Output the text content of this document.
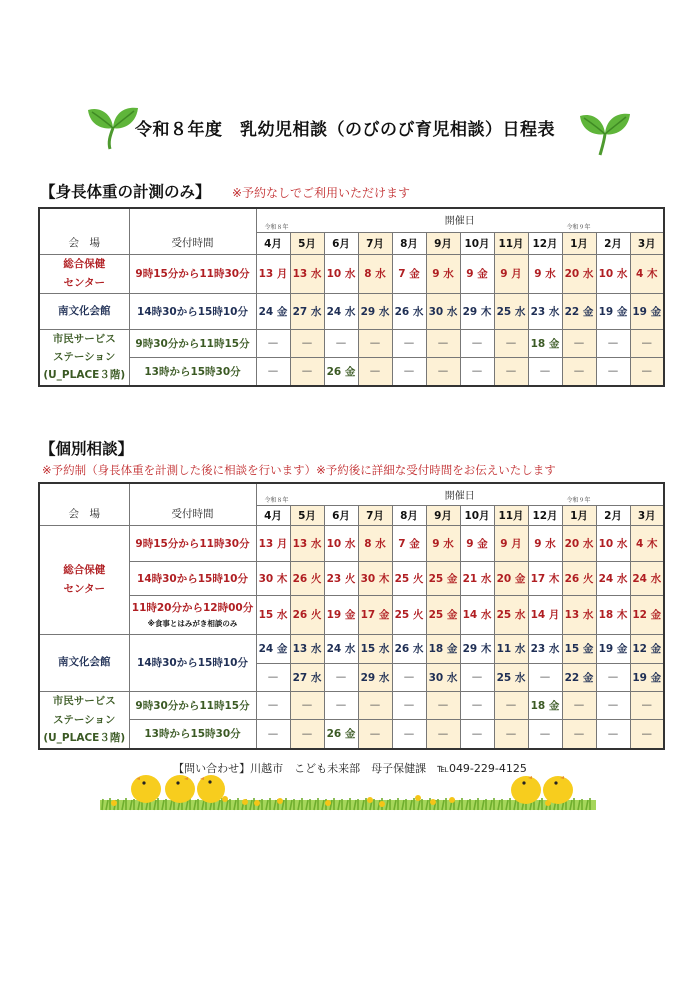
令和８年度　乳幼児相談（のびのび育児相談）日程表
【身長体重の計測のみ】 ※予約なしでご利用いただけます
会　場	受付時間	開催日
令和８年 令和９年											

		4月	5月	6月	7月	8月	9月	10月	11月	12月	1月	2月	3月

総合保健
センター	9時15分から11時30分	13 月	13 水	10 水	8 水	7 金	9 水	9 金	9 月	9 水	20 水	10 水	4 木

南文化会館	14時30から15時10分	24 金	27 水	24 水	29 水	26 水	30 水	29 木	25 水	23 水	22 金	19 金	19 金

市民サービス
ステーション
(U_PLACE３階)	9時30分から11時15分	—	—	—	—	—	—	—	—	18 金	—	—	—
	13時から15時30分	—	—	26 金	—	—	—	—	—	—	—	—	—
【個別相談】
※予約制（身長体重を計測した後に相談を行います）※予約後に詳細な受付時間をお伝えいたします
会　場	受付時間	開催日
令和８年 令和９年											

		4月	5月	6月	7月	8月	9月	10月	11月	12月	1月	2月	3月

総合保健
センター	9時15分から11時30分	13 月	13 水	10 水	8 水	7 金	9 水	9 金	9 月	9 水	20 水	10 水	4 木
	14時30から15時10分	30 木	26 火	23 火	30 木	25 火	25 金	21 水	20 金	17 木	26 火	24 水	24 水
	11時20分から12時00分
※食事とはみがき相談のみ	15 水	26 火	19 金	17 金	25 火	25 金	14 水	25 水	14 月	13 水	18 木	12 金

南文化会館	14時30から15時10分	24 金	13 水	24 水	15 水	26 水	18 金	29 木	11 水	23 水	15 金	19 金	12 金
		—	27 水	—	29 水	—	30 水	—	25 水	—	22 金	—	19 金

市民サービス
ステーション
(U_PLACE３階)	9時30分から11時15分	—	—	—	—	—	—	—	—	18 金	—	—	—
	13時から15時30分	—	—	26 金	—	—	—	—	—	—	—	—	—
【問い合わせ】川越市　こども未来部　母子保健課　℡049-229-4125
